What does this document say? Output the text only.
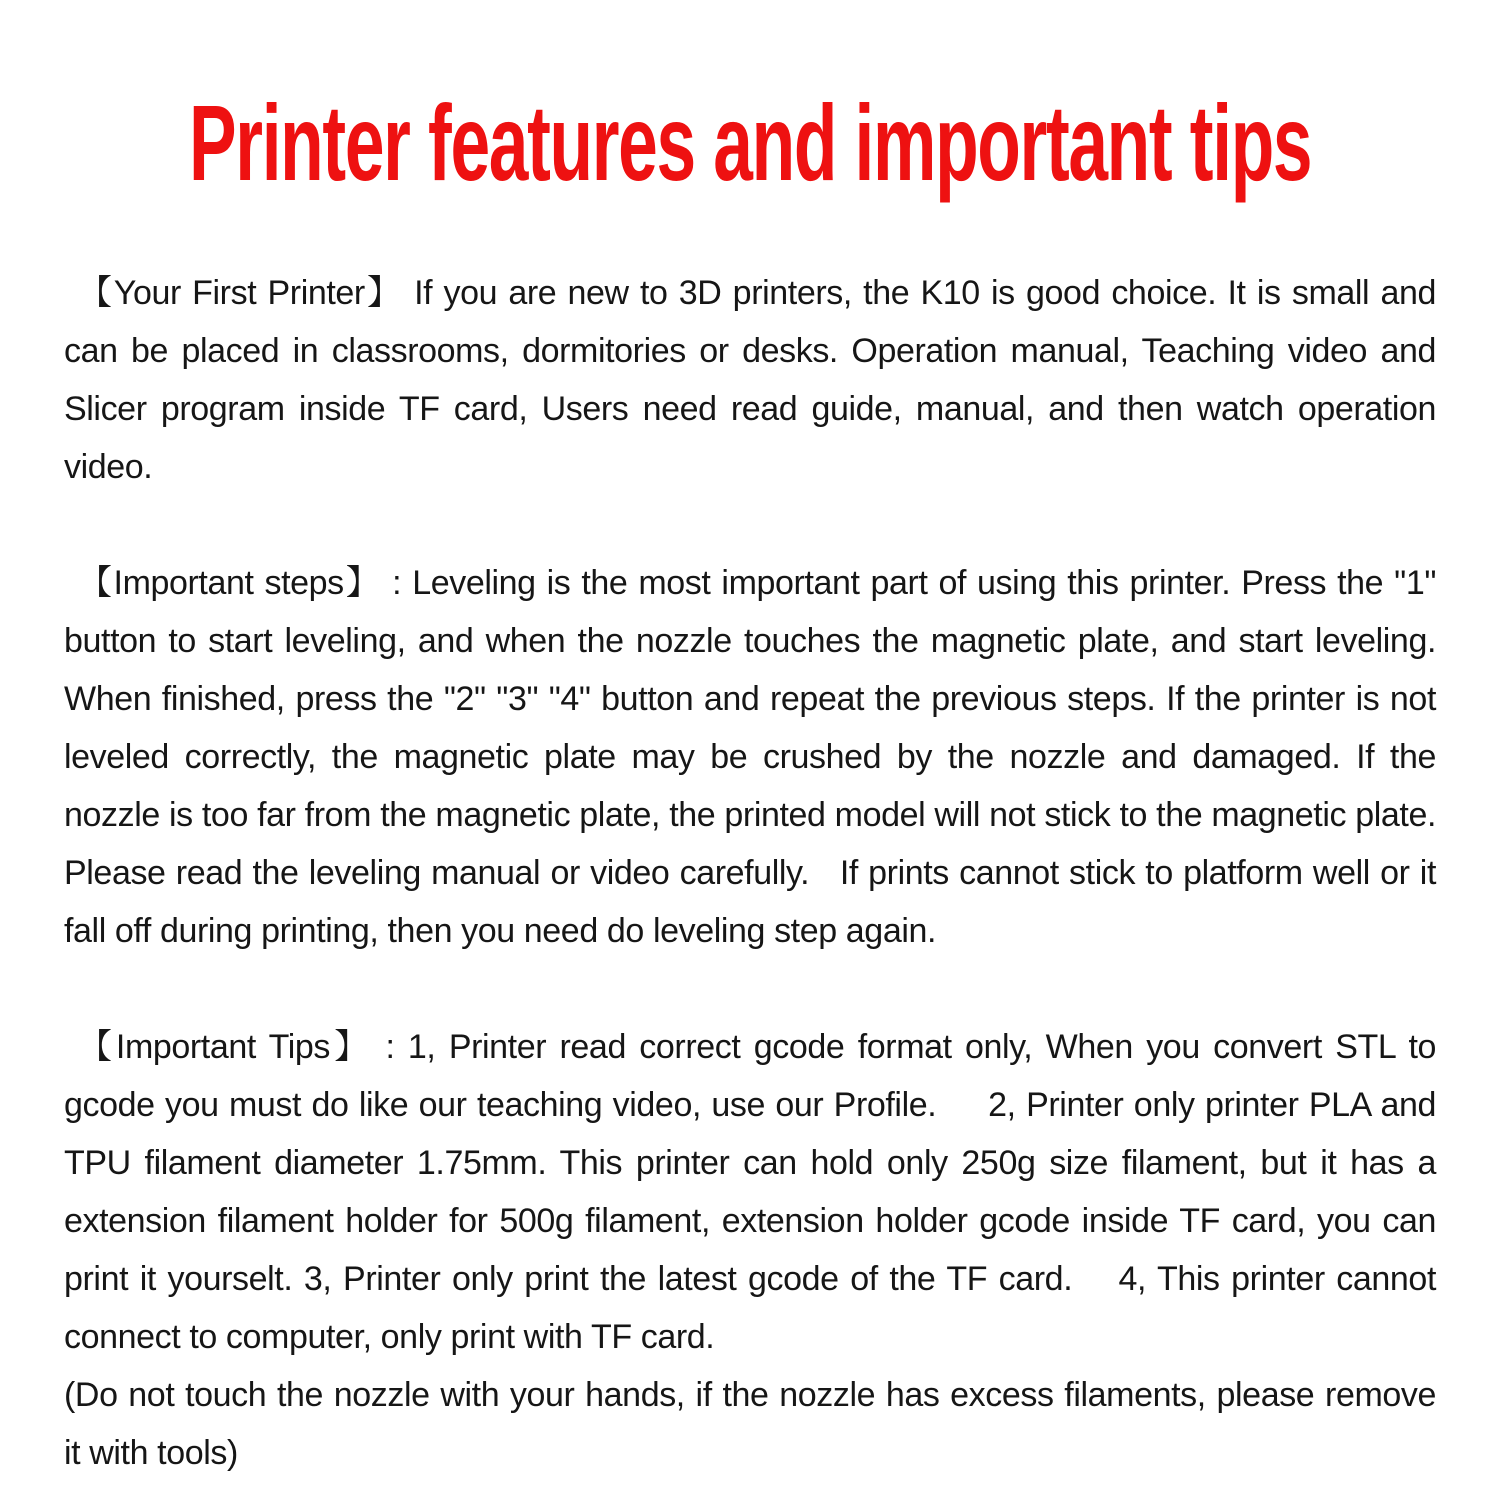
Printer features and important tips

【Your First Printer】 If you are new to 3D printers, the K10 is good choice. It is small and can be placed in classrooms, dormitories or desks. Operation manual, Teaching video and Slicer program inside TF card, Users need read guide, manual, and then watch operation video.

【Important steps】 : Leveling is the most important part of using this printer. Press the "1" button to start leveling, and when the nozzle touches the magnetic plate, and start leveling. When finished, press the "2" "3" "4" button and repeat the previous steps. If the printer is not leveled correctly, the magnetic plate may be crushed by the nozzle and damaged. If the nozzle is too far from the magnetic plate, the printed model will not stick to the magnetic plate. Please read the leveling manual or video carefully.   If prints cannot stick to platform well or it fall off during printing, then you need do leveling step again.

【Important Tips】 : 1, Printer read correct gcode format only, When you convert STL to gcode you must do like our teaching video, use our Profile.     2, Printer only printer PLA and TPU filament diameter 1.75mm. This printer can hold only 250g size filament, but it has a extension filament holder for 500g filament, extension holder gcode inside TF card, you can print it yourselt. 3, Printer only print the latest gcode of the TF card.    4, This printer cannot connect to computer, only print with TF card.

(Do not touch the nozzle with your hands, if the nozzle has excess filaments, please remove it with tools)
